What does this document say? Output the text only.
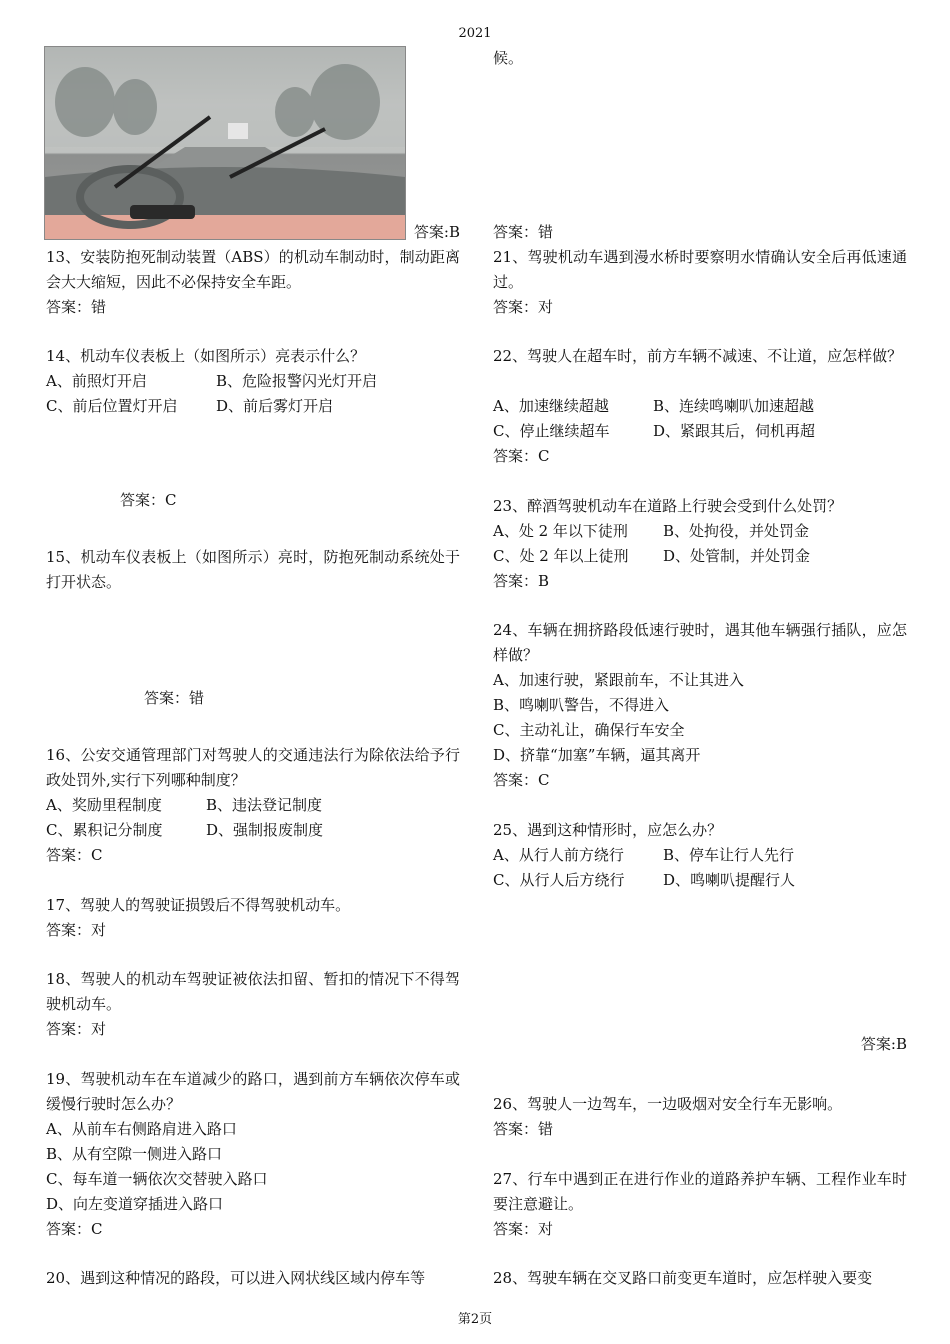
2021
答案:B
13、安装防抱死制动装置（ABS）的机动车制动时，制动距离会大大缩短，因此不必保持安全车距。
答案：错
14、机动车仪表板上（如图所示）亮表示什么？
A、前照灯开启	B、危险报警闪光灯开启
C、前后位置灯开启	D、前后雾灯开启
答案：C
15、机动车仪表板上（如图所示）亮时，防抱死制动系统处于打开状态。
答案：错
16、公安交通管理部门对驾驶人的交通违法行为除依法给予行政处罚外,实行下列哪种制度？
A、奖励里程制度	B、违法登记制度
C、累积记分制度	D、强制报废制度
答案：C
17、驾驶人的驾驶证损毁后不得驾驶机动车。
答案：对
18、驾驶人的机动车驾驶证被依法扣留、暂扣的情况下不得驾驶机动车。
答案：对
19、驾驶机动车在车道减少的路口，遇到前方车辆依次停车或缓慢行驶时怎么办？
A、从前车右侧路肩进入路口
B、从有空隙一侧进入路口
C、每车道一辆依次交替驶入路口
D、向左变道穿插进入路口
答案：C
20、遇到这种情况的路段，可以进入网状线区域内停车等
候。
答案：错
21、驾驶机动车遇到漫水桥时要察明水情确认安全后再低速通过。
答案：对
22、驾驶人在超车时，前方车辆不减速、不让道，应怎样做？
A、加速继续超越	B、连续鸣喇叭加速超越
C、停止继续超车	D、紧跟其后，伺机再超
答案：C
23、醉酒驾驶机动车在道路上行驶会受到什么处罚？
A、处 2 年以下徒刑	B、处拘役，并处罚金
C、处 2 年以上徒刑	D、处管制，并处罚金
答案：B
24、车辆在拥挤路段低速行驶时，遇其他车辆强行插队，应怎样做？
A、加速行驶，紧跟前车，不让其进入
B、鸣喇叭警告，不得进入
C、主动礼让，确保行车安全
D、挤靠“加塞”车辆，逼其离开
答案：C
25、遇到这种情形时，应怎么办？
A、从行人前方绕行	B、停车让行人先行
C、从行人后方绕行	D、鸣喇叭提醒行人
答案:B
26、驾驶人一边驾车，一边吸烟对安全行车无影响。
答案：错
27、行车中遇到正在进行作业的道路养护车辆、工程作业车时要注意避让。
答案：对
28、驾驶车辆在交叉路口前变更车道时，应怎样驶入要变
第2页
